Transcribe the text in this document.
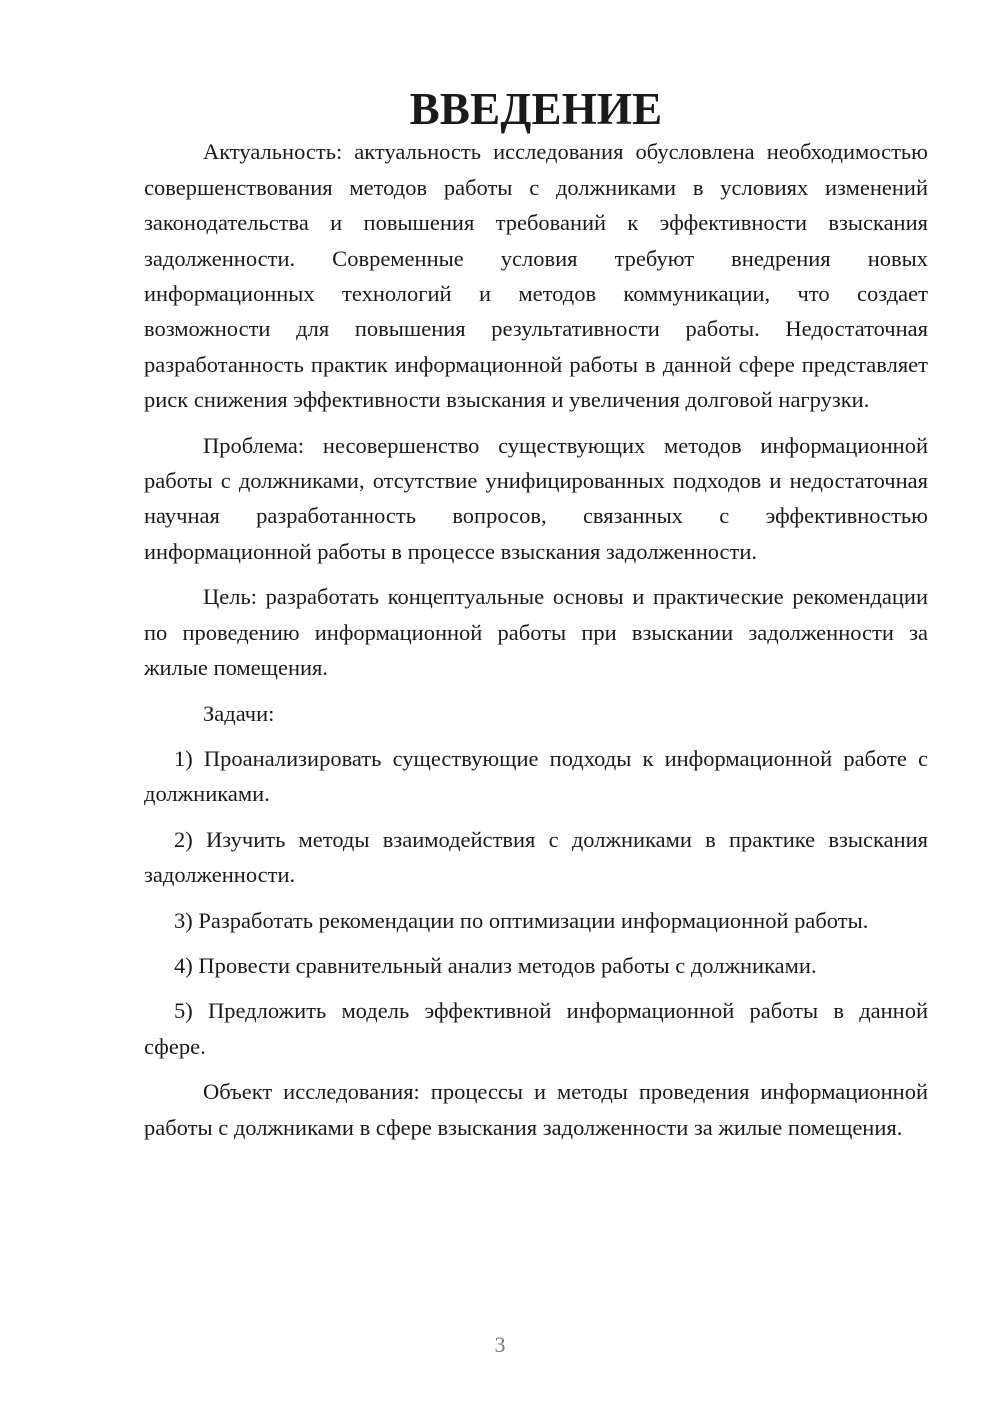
ВВЕДЕНИЕ

Актуальность: актуальность исследования обусловлена необходимостью совершенствования методов работы с должниками в условиях изменений законодательства и повышения требований к эффективности взыскания задолженности. Современные условия требуют внедрения новых информационных технологий и методов коммуникации, что создает возможности для повышения результативности работы. Недостаточная разработанность практик информационной работы в данной сфере представляет риск снижения эффективности взыскания и увеличения долговой нагрузки.

Проблема: несовершенство существующих методов информационной работы с должниками, отсутствие унифицированных подходов и недостаточная научная разработанность вопросов, связанных с эффективностью информационной работы в процессе взыскания задолженности.

Цель: разработать концептуальные основы и практические рекомендации по проведению информационной работы при взыскании задолженности за жилые помещения.

Задачи:

1) Проанализировать существующие подходы к информационной работе с должниками.

2) Изучить методы взаимодействия с должниками в практике взыскания задолженности.

3) Разработать рекомендации по оптимизации информационной работы.

4) Провести сравнительный анализ методов работы с должниками.

5) Предложить модель эффективной информационной работы в данной сфере.

Объект исследования: процессы и методы проведения информационной работы с должниками в сфере взыскания задолженности за жилые помещения.

3
